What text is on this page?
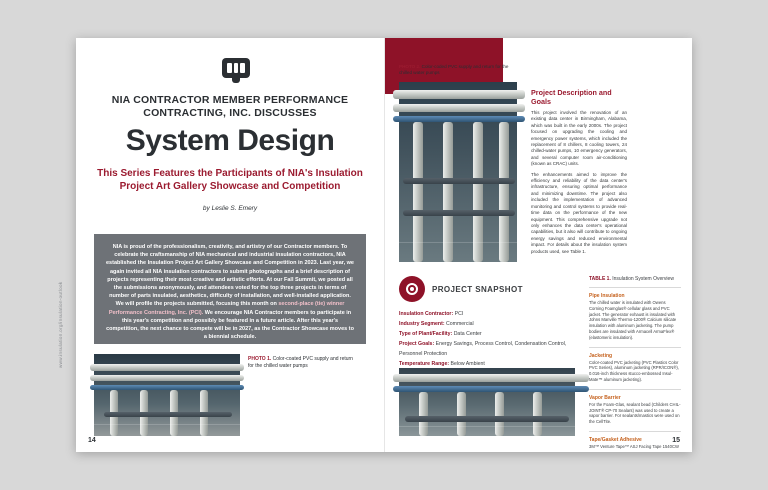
NIA CONTRACTOR MEMBER PERFORMANCE CONTRACTING, INC. DISCUSSES
System Design
This Series Features the Participants of NIA's Insulation Project Art Gallery Showcase and Competition
by Leslie S. Emery

NIA is proud of the professionalism, creativity, and artistry of our Contractor members. To celebrate the craftsmanship of NIA mechanical and industrial insulation contractors, NIA established the Insulation Project Art Gallery Showcase and Competition in 2023. Last year, we again invited all NIA insulation contractors to submit photographs and a brief description of projects representing their most creative and artistic efforts. At our Fall Summit, we posted all the submissions anonymously, and attendees voted for the top three projects in terms of number of parts insulated, aesthetics, difficulty of installation, and well-installed application. We will profile the projects submitted, focusing this month on second-place (tie) winner Performance Contracting, Inc. (PCI). We encourage NIA Contractor members to participate in this year's competition and possibly be featured in a future article. After this year's competition, the next chance to compete will be in 2027, as the Contractor Showcase moves to a biennial schedule.

PHOTO 1. Color-coated PVC supply and return for the chilled water pumps
www.insulation.org/insulation-outlook
14
PHOTO 2. Color-coded PVC supply and return for the chilled water pumps
Project Description and Goals

This project involved the renovation of an existing data center in Birmingham, Alabama, which was built in the early 2000s. The project focused on upgrading the cooling and emergency power systems, which included the replacement of 8 chillers, 8 cooling towers, 24 chilled-water pumps, 10 emergency generators, and several computer room air-conditioning (known as CRAC) units.

The enhancements aimed to improve the efficiency and reliability of the data center's infrastructure, ensuring optimal performance and minimizing downtime. The project also included the implementation of advanced monitoring and control systems to provide real-time data on the performance of the new equipment. This comprehensive upgrade not only enhances the data center's operational capabilities, but it also will contribute to ongoing energy savings and reduced environmental impact. For details about the insulation system products used, see Table 1.

PROJECT SNAPSHOT
Insulation Contractor: PCI
Industry Segment: Commercial
Type of Plant/Facility: Data Center
Project Goals: Energy Savings, Process Control, Condensation Control, Personnel Protection
Temperature Range: Below Ambient
TABLE 1. Insulation System Overview
Pipe Insulation
The chilled water is insulated with Owens Corning Foamglas® cellular glass and PVC jacket. The generator exhaust is insulated with Johns Manville Thermo-1200® Calcium silicate insulation with aluminum jacketing. The pump bodies are insulated with Armacell ArmaFlex® (elastomeric insulation).
Jacketing
Color-coated PVC jacketing (PVC Plastics Color PVC Series), aluminum jacketing (RPR/ICON®), 0.016-inch thickness stucco-embossed Insul-Mate™ aluminum jacketing).
Vapor Barrier
For the Foam-Glas, sealant bead (Childers CHIL-JOINT® CP-70 Sealant) was used to create a vapor barrier. For sealants/mastics were used on the CellTite.
Tape/Gasket Adhesive
3M™ Venture Tape™ ASJ Facing Tape 1540CW
15
